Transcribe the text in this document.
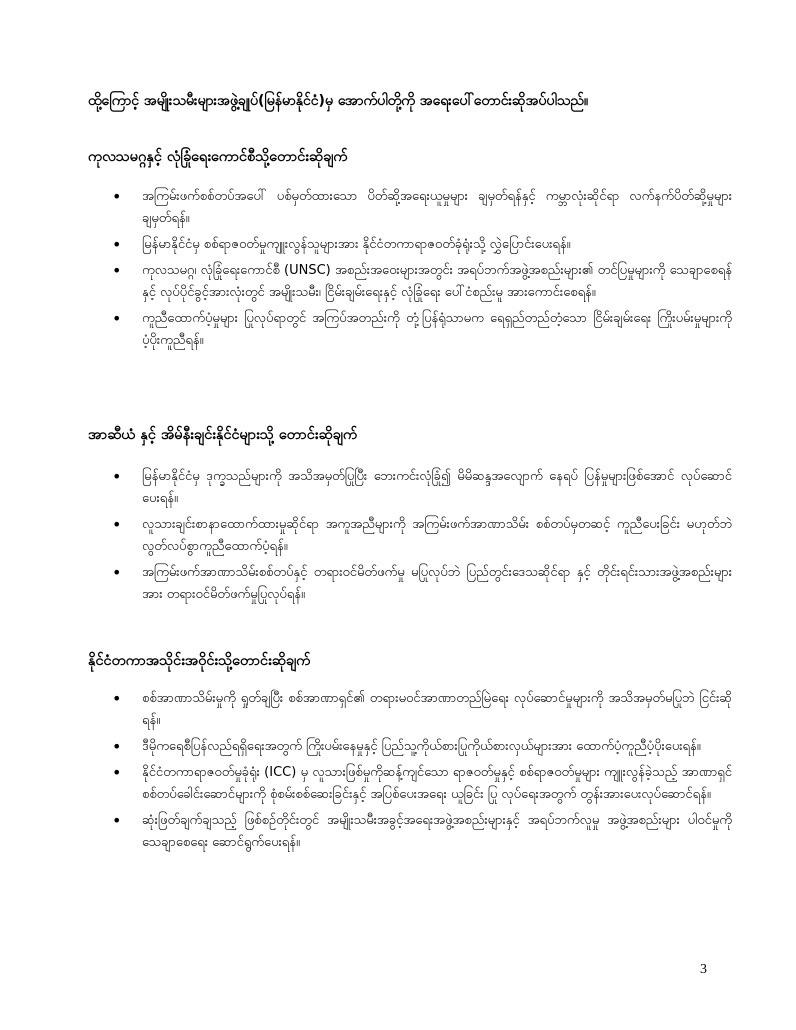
ထို့ကြောင့် အမျိုးသမီးများအဖွဲ့ချုပ်(မြန်မာနိုင်ငံ)မှ အောက်ပါတို့ကို အရေးပေါ်တောင်းဆိုအပ်ပါသည်။
ကုလသမဂ္ဂနှင့် လုံခြုံရေးကောင်စီသို့တောင်းဆိုချက်
• အကြမ်းဖက်စစ်တပ်အပေါ် ပစ်မှတ်ထားသော ပိတ်ဆို့အရေးယူမှုများ ချမှတ်ရန်နှင့် ကမ္ဘာလုံးဆိုင်ရာ လက်နက်ပိတ်ဆို့မှုများ ချမှတ်ရန်။
• မြန်မာနိုင်ငံမှ စစ်ရာဇဝတ်မှုကျူးလွန်သူများအား နိုင်ငံတကာရာဇဝတ်ခုံရုံးသို့ လွှဲပြောင်းပေးရန်။
• ကုလသမဂ္ဂ၊ လုံခြုံရေးကောင်စီ (UNSC) အစည်းအဝေးများအတွင်း အရပ်ဘက်အဖွဲ့အစည်းများ၏ တင်ပြမှုများကို သေချာစေရန် နှင့် လုပ်ပိုင်ခွင့်အားလုံးတွင် အမျိုးသမီး၊ ငြိမ်းချမ်းရေးနှင့် လုံခြုံရေး ပေါ်ငံစည်းမူ အားကောင်းစေရန်။
• ကူညီထောက်ပံ့မှုများ ပြုလုပ်ရာတွင် အကြပ်အတည်းကို တုံ့ပြန်ရုံသာမက ရေရှည်တည်တံ့သော ငြိမ်းချမ်းရေး ကြိုးပမ်းမှုများကို ပံ့ပိုးကူညီရန်။
အာဆီယံ နှင့် အိမ်နီးချင်းနိုင်ငံများသို့ တောင်းဆိုချက်
• မြန်မာနိုင်ငံမှ ဒုက္ခသည်များကို အသိအမှတ်ပြုပြီး ဘေးကင်းလုံခြုံ၍ မိမိဆန္ဒအလျောက် နေရပ် ပြန်မှုများဖြစ်အောင် လုပ်ဆောင်ပေးရန်။
• လူသားချင်းစာနာထောက်ထားမှုဆိုင်ရာ အကူအညီများကို အကြမ်းဖက်အာဏာသိမ်း စစ်တပ်မှတဆင့် ကူညီပေးခြင်း မဟုတ်ဘဲ လွတ်လပ်စွာကူညီထောက်ပံ့ရန်။
• အကြမ်းဖက်အာဏာသိမ်းစစ်တပ်နှင့် တရားဝင်မိတ်ဖက်မှု မပြုလုပ်ဘဲ ပြည်တွင်းဒေသဆိုင်ရာ နှင့် တိုင်းရင်းသားအဖွဲ့အစည်းများအား တရားဝင်မိတ်ဖက်မှုပြုလုပ်ရန်။
နိုင်ငံတကာအသိုင်းအဝိုင်းသို့တောင်းဆိုချက်
• စစ်အာဏာသိမ်းမှုကို ရှုတ်ချပြီး စစ်အာဏာရှင်၏ တရားမဝင်အာဏာတည်မြဲရေး လုပ်ဆောင်မှုများကို အသိအမှတ်မပြုဘဲ ငြင်းဆိုရန်။
• ဒီမိုကရေစီပြန်လည်ရရှိရေးအတွက် ကြိုးပမ်းနေမှုနှင့် ပြည်သူ့ကိုယ်စားပြုကိုယ်စားလှယ်များအား ထောက်ပံ့ကူညီပံ့ပိုးပေးရန်။
• နိုင်ငံတကာရာဇဝတ်မှုခုံရုံး (ICC) မှ လူသားဖြစ်မှုကိုဆန့်ကျင်သော ရာဇဝတ်မှုနှင့် စစ်ရာဇဝတ်မှုများ ကျူးလွန်ခဲ့သည့် အာဏာရှင်စစ်တပ်ခေါင်းဆောင်များကို စုံစမ်းစစ်ဆေးခြင်းနှင့် အပြစ်ပေးအရေး ယူခြင်း ပြု လုပ်ရေးအတွက် တွန်းအားပေးလုပ်ဆောင်ရန်။
• ဆုံးဖြတ်ချက်ချသည့် ဖြစ်စဉ်တိုင်းတွင် အမျိုးသမီးအခွင့်အရေးအဖွဲ့အစည်းများနှင့် အရပ်ဘက်လူမှု အဖွဲ့အစည်းများ ပါဝင်မှုကို သေချာစေရေး ဆောင်ရွက်ပေးရန်။
3
